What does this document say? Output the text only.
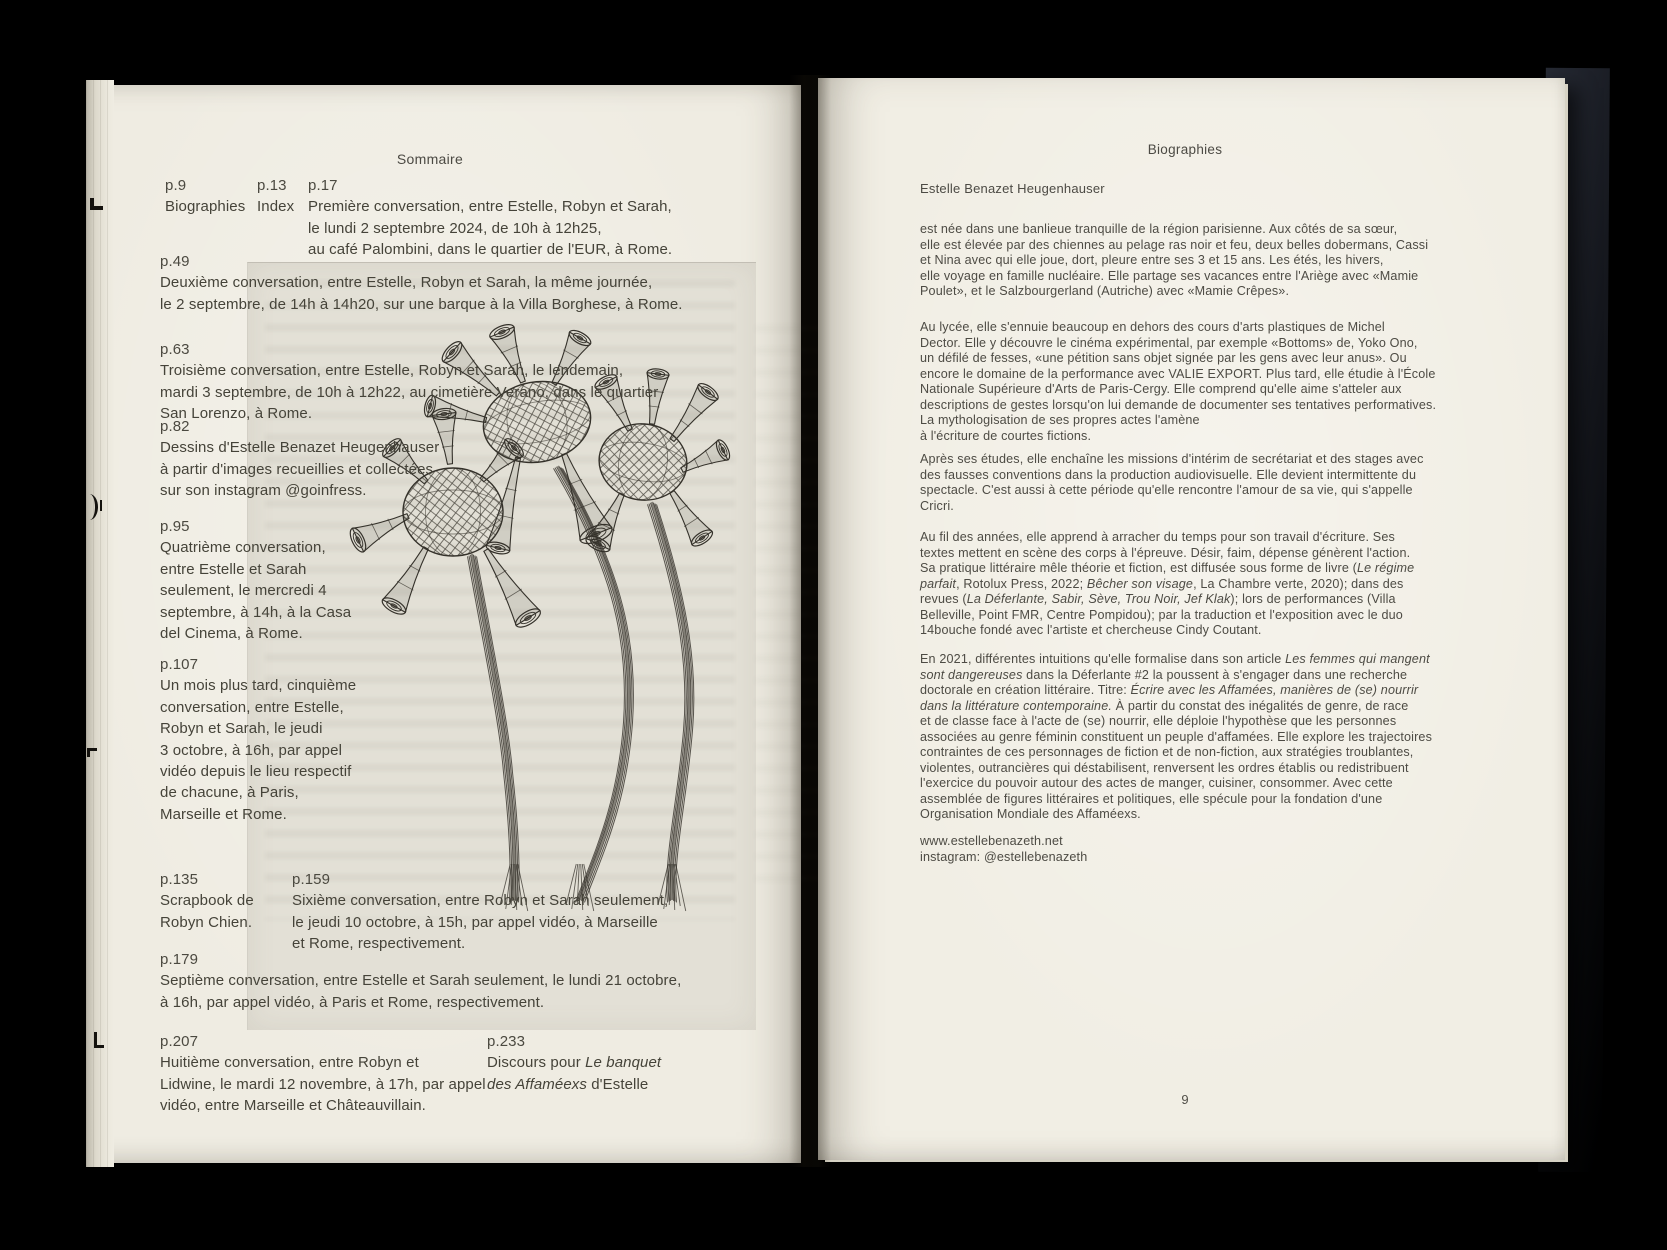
Sommaire
p.9
Biographies
p.13
Index
p.17
Première conversation, entre Estelle, Robyn et Sarah,
le lundi 2 septembre 2024, de 10h à 12h25,
au café Palombini, dans le quartier de l'EUR, à Rome.
p.49
Deuxième conversation, entre Estelle, Robyn et Sarah, la même journée,
le 2 septembre, de 14h à 14h20, sur une barque à la Villa Borghese, à Rome.
p.63
Troisième conversation, entre Estelle, Robyn et Sarah, le lendemain,
mardi 3 septembre, de 10h à 12h22, au cimetière Verano, dans le quartier
San Lorenzo, à Rome.
p.82
Dessins d'Estelle Benazet Heugenhauser
à partir d'images recueillies et collectées
sur son instagram @goinfress.
p.95
Quatrième conversation,
entre Estelle et Sarah
seulement, le mercredi 4
septembre, à 14h, à la Casa
del Cinema, à Rome.
p.107
Un mois plus tard, cinquième
conversation, entre Estelle,
Robyn et Sarah, le jeudi
3 octobre, à 16h, par appel
vidéo depuis le lieu respectif
de chacune, à Paris,
Marseille et Rome.
p.135
Scrapbook de
Robyn Chien.
p.159
Sixième conversation, entre Robyn et Sarah seulement,
le jeudi 10 octobre, à 15h, par appel vidéo, à Marseille
et Rome, respectivement.
p.179
Septième conversation, entre Estelle et Sarah seulement, le lundi 21 octobre,
à 16h, par appel vidéo, à Paris et Rome, respectivement.
p.207
Huitième conversation, entre Robyn et
Lidwine, le mardi 12 novembre, à 17h, par appel
vidéo, entre Marseille et Châteauvillain.
p.233
Discours pour Le banquet
des Affaméexs d'Estelle
Biographies
Estelle Benazet Heugenhauser
est née dans une banlieue tranquille de la région parisienne. Aux côtés de sa sœur,
elle est élevée par des chiennes au pelage ras noir et feu, deux belles dobermans, Cassi
et Nina avec qui elle joue, dort, pleure entre ses 3 et 15 ans. Les étés, les hivers,
elle voyage en famille nucléaire. Elle partage ses vacances entre l'Ariège avec «Mamie
Poulet», et le Salzbourgerland (Autriche) avec «Mamie Crêpes».
Au lycée, elle s'ennuie beaucoup en dehors des cours d'arts plastiques de Michel
Dector. Elle y découvre le cinéma expérimental, par exemple «Bottoms» de, Yoko Ono,
un défilé de fesses, «une pétition sans objet signée par les gens avec leur anus». Ou
encore le domaine de la performance avec VALIE EXPORT. Plus tard, elle étudie à l'École
Nationale Supérieure d'Arts de Paris-Cergy. Elle comprend qu'elle aime s'atteler aux
descriptions de gestes lorsqu'on lui demande de documenter ses tentatives performatives.
La mythologisation de ses propres actes l'amène
à l'écriture de courtes fictions.
Après ses études, elle enchaîne les missions d'intérim de secrétariat et des stages avec
des fausses conventions dans la production audiovisuelle. Elle devient intermittente du
spectacle. C'est aussi à cette période qu'elle rencontre l'amour de sa vie, qui s'appelle
Cricri.
Au fil des années, elle apprend à arracher du temps pour son travail d'écriture. Ses
textes mettent en scène des corps à l'épreuve. Désir, faim, dépense génèrent l'action.
Sa pratique littéraire mêle théorie et fiction, est diffusée sous forme de livre (Le régime
parfait, Rotolux Press, 2022; Bêcher son visage, La Chambre verte, 2020); dans des
revues (La Déferlante, Sabir, Sève, Trou Noir, Jef Klak); lors de performances (Villa
Belleville, Point FMR, Centre Pompidou); par la traduction et l'exposition avec le duo
14bouche fondé avec l'artiste et chercheuse Cindy Coutant.
En 2021, différentes intuitions qu'elle formalise dans son article Les femmes qui mangent
sont dangereuses dans la Déferlante #2 la poussent à s'engager dans une recherche
doctorale en création littéraire. Titre: Écrire avec les Affamées, manières de (se) nourrir
dans la littérature contemporaine. À partir du constat des inégalités de genre, de race
et de classe face à l'acte de (se) nourrir, elle déploie l'hypothèse que les personnes
associées au genre féminin constituent un peuple d'affamées. Elle explore les trajectoires
contraintes de ces personnages de fiction et de non-fiction, aux stratégies troublantes,
violentes, outrancières qui déstabilisent, renversent les ordres établis ou redistribuent
l'exercice du pouvoir autour des actes de manger, cuisiner, consommer. Avec cette
assemblée de figures littéraires et politiques, elle spécule pour la fondation d'une
Organisation Mondiale des Affaméexs.
www.estellebenazeth.net
instagram: @estellebenazeth
9
